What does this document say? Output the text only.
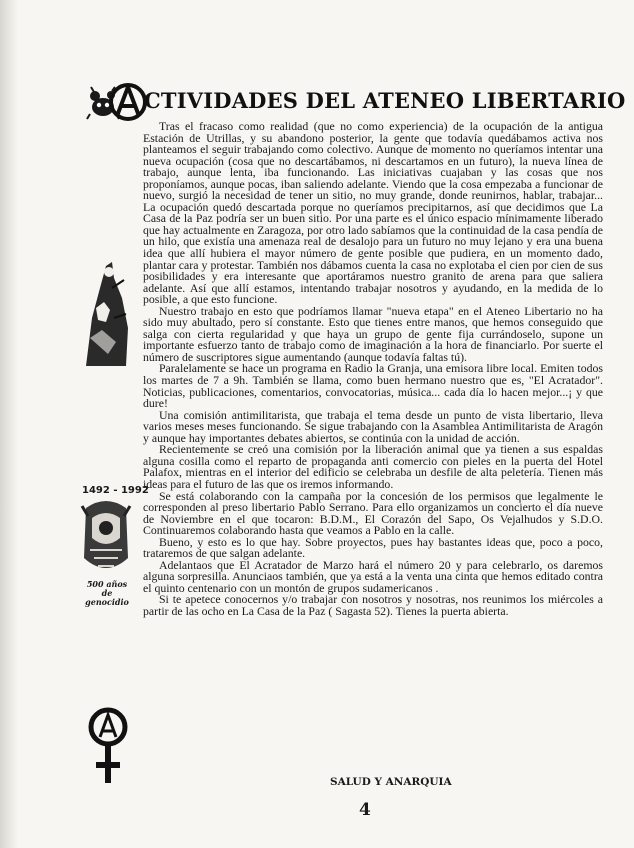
CTIVIDADES DEL ATENEO LIBERTARIO
1492 - 1992
500 años de genocidio

Tras el fracaso como realidad (que no como experiencia) de la ocupación de la antigua Estación de Utrillas, y su abandono posterior, la gente que todavía quedábamos activa nos planteamos el seguir trabajando como colectivo. Aunque de momento no queríamos intentar una nueva ocupación (cosa que no descartábamos, ni descartamos en un futuro), la nueva línea de trabajo, aunque lenta, iba funcionando. Las iniciativas cuajaban y las cosas que nos proponíamos, aunque pocas, iban saliendo adelante. Viendo que la cosa empezaba a funcionar de nuevo, surgió la necesidad de tener un sitio, no muy grande, donde reunirnos, hablar, trabajar... La ocupación quedó descartada porque no queríamos precipitarnos, así que decidimos que La Casa de la Paz podría ser un buen sitio. Por una parte es el único espacio mínimamente liberado que hay actualmente en Zaragoza, por otro lado sabíamos que la continuidad de la casa pendía de un hilo, que existía una amenaza real de desalojo para un futuro no muy lejano y era una buena idea que allí hubiera el mayor número de gente posible que pudiera, en un momento dado, plantar cara y protestar. También nos dábamos cuenta la casa no explotaba el cien por cien de sus posibilidades y era interesante que aportáramos nuestro granito de arena para que saliera adelante. Así que allí estamos, intentando trabajar nosotros y ayudando, en la medida de lo posible, a que esto funcione.

Nuestro trabajo en esto que podríamos llamar "nueva etapa" en el Ateneo Libertario no ha sido muy abultado, pero sí constante. Esto que tienes entre manos, que hemos conseguido que salga con cierta regularidad y que haya un grupo de gente fija currándoselo, supone un importante esfuerzo tanto de trabajo como de imaginación a la hora de financiarlo. Por suerte el número de suscriptores sigue aumentando (aunque todavía faltas tú).

Paralelamente se hace un programa en Radio la Granja, una emisora libre local. Emiten todos los martes de 7 a 9h. También se llama, como buen hermano nuestro que es, "El Acratador". Noticias, publicaciones, comentarios, convocatorias, música... cada día lo hacen mejor...¡ y que dure!

Una comisión antimilitarista, que trabaja el tema desde un punto de vista libertario, lleva varios meses meses funcionando. Se sigue trabajando con la Asamblea Antimilitarista de Aragón y aunque hay importantes debates abiertos, se continúa con la unidad de acción.

Recientemente se creó una comisión por la liberación animal que ya tienen a sus espaldas alguna cosilla como el reparto de propaganda anti comercio con pieles en la puerta del Hotel Palafox, mientras en el interior del edificio se celebraba un desfile de alta peletería. Tienen más ideas para el futuro de las que os iremos informando.

Se está colaborando con la campaña por la concesión de los permisos que legalmente le corresponden al preso libertario Pablo Serrano. Para ello organizamos un concierto el día nueve de Noviembre en el que tocaron: B.D.M., El Corazón del Sapo, Os Vejalhudos y S.D.O. Continuaremos colaborando hasta que veamos a Pablo en la calle.

Bueno, y esto es lo que hay. Sobre proyectos, pues hay bastantes ideas que, poco a poco, trataremos de que salgan adelante.

Adelantaos que El Acratador de Marzo hará el número 20 y para celebrarlo, os daremos alguna sorpresilla. Anunciaos también, que ya está a la venta una cinta que hemos editado contra el quinto centenario con un montón de grupos sudamericanos .

Si te apetece conocernos y/o trabajar con nosotros y nosotras, nos reunimos los miércoles a partir de las ocho en La Casa de la Paz ( Sagasta 52). Tienes la puerta abierta.

SALUD Y ANARQUIA
4
